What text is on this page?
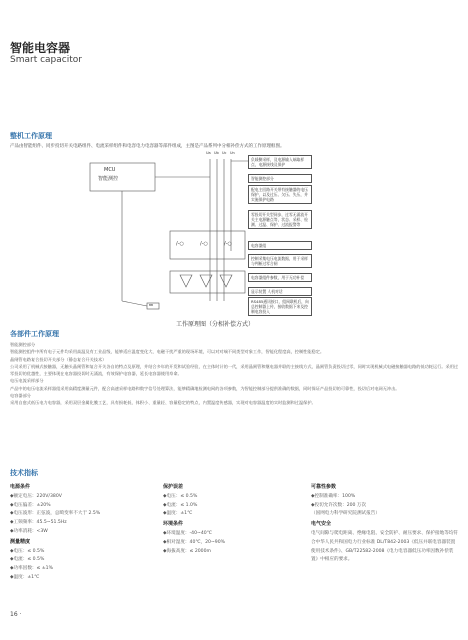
智能电容器
Smart capacitor
整机工作原理
产品由智能组件、同步投切开关电路组件、电流采样组件和电容电力电容器等部件组成，主图是产品系列中分相补偿方式的工作原理框图。
MCU
智能测控
Ua Ub Uc Un
/-○	/-○	/-○
BB
负载侧采样，及电源输入端取样点，电源接线及保护
智能测控部分
配电主回路开关带有接触器的电压保护，以及过压、欠压、失压，并实施保护电路
零投切开关型同步，过零无涌流开关主电源触点等，状态、采样、检测、过温、保护、过流报警等
电容器组
控制采集电压电流数据，用于采样与判断过零合闸
电容器组件参数，用于无功补偿
显示装置 人机对话
RS485通讯接口，组网联机后，向总控制器上传，接收数据下来及控制电容投入
工作原理图（分相补偿方式）
各部件工作原理

智能测控部分

智能测控组件中所有电子元件均采用高温及有工业品级，能够适应温度变化大、电磁干扰严重的现场环境，可以对对端不同类型对象工作，智能化程度高，控制性能稳定。

晶闸管电路复合投切开关部分（静态复合开关技术）

公司采用了机械式接触器，无触头晶闸管和复合开关各自的特点及原理，并结合多年的开发和试验经验，在主体时计的一代，采用晶闸管和继电器并联的主接线方式，晶闸管负责投切过零，同时实现机械式电磁接触器电路的低功耗运行。采用过零投切的优越性，主要体现在电容器投切时无涌流，有效保护电容器，延长电容器使用寿命。

电压电流采样部分

产品中的电压电流采样器组采用高精度测量元件，配合高速采样电路和数字信号处理算法，能够精确地检测电网的各项参数，为智能控制部分提供准确的数据，同时保证产品投切的可靠性，投切后对电网无冲击。

电容器部分

采用自愈式低压电力电容器，采用双层金属化膜工艺，具有损耗低、体积小、重量轻、容量稳定的特点，内置温度传感器，实现对电容器温度的实时监测和过温保护。

技术指标
电源条件
◆额定电压：220V/380V
◆电压偏差：±20%
◆电压波形：正弦波，总畸变率不大于 2.5%
◆工频频率：45.5~51.5Hz
◆功率消耗：<3W
测量精度
◆电压：≤ 0.5%
◆电流：≤ 0.5%
◆功率因数：≤ ±1%
◆温度：±1℃
保护误差
◆电压：≤ 0.5%
◆电流：≤ 1.0%
◆温度：±1℃
环境条件
◆环境温度：-40~40℃
◆相对湿度：40℃，20~90%
◆海拔高度：≤ 2000m
可靠性参数
◆控制准确率：100%
◆投切允许次数：200 万次
（国网电力科学研究院测试报告）
电气安全
电气间隙与爬电距离、绝缘电阻、安全防护、耐压要求、保护接地等均符合中华人民共和国电力行业标准 DL/T842-2003《低压并联电容器装置使用技术条件》、GB/T22582-2008《电力电容器低压功率因数补偿装置》中相应的要求。
16 ·
